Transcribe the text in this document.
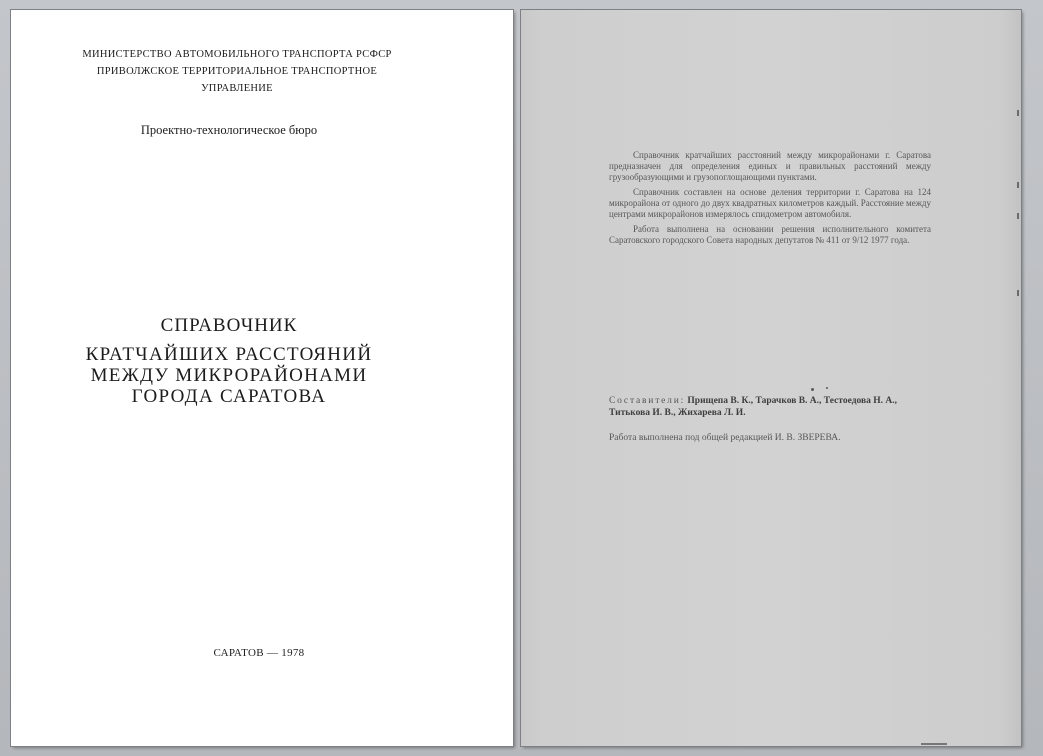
МИНИСТЕРСТВО АВТОМОБИЛЬНОГО ТРАНСПОРТА РСФСР
ПРИВОЛЖСКОЕ ТЕРРИТОРИАЛЬНОЕ ТРАНСПОРТНОЕ
УПРАВЛЕНИЕ
Проектно-технологическое бюро
СПРАВОЧНИК
КРАТЧАЙШИХ РАССТОЯНИЙ
МЕЖДУ МИКРОРАЙОНАМИ
ГОРОДА САРАТОВА
САРАТОВ — 1978

Справочник кратчайших расстояний между микрорайонами г. Саратова предназначен для определения единых и правильных расстояний между грузообразующими и грузопоглощающими пунктами.

Справочник составлен на основе деления территории г. Саратова на 124 микрорайона от одного до двух квадратных километров каждый. Расстояние между центрами микрорайонов измерялось спидометром автомобиля.

Работа выполнена на основании решения исполнительного комитета Саратовского городского Совета народных депутатов № 411 от 9/12 1977 года.

Составители: Прищепа В. К., Тарачков В. А., Тестоедова Н. А., Титькова И. В., Жихарева Л. И.
Работа выполнена под общей редакцией И. В. ЗВЕРЕВА.
